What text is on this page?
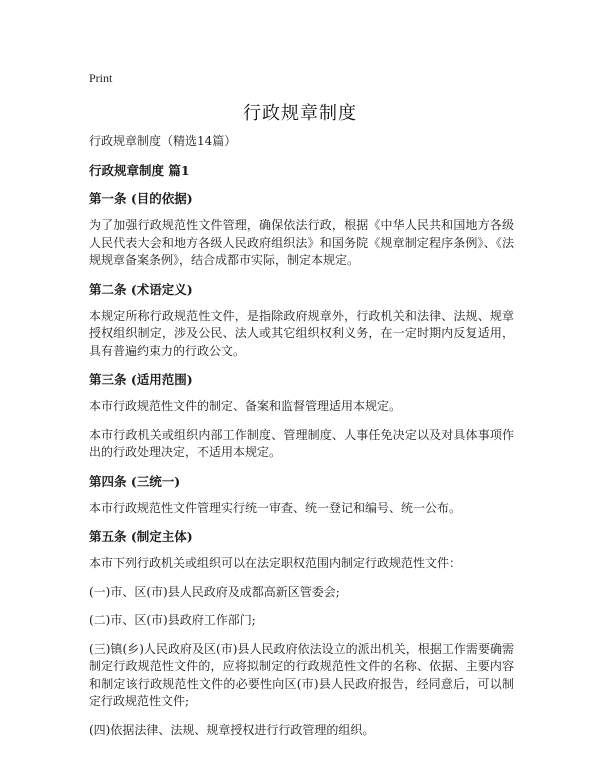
Print
行政规章制度

行政规章制度（精选14篇）

行政规章制度 篇1

第一条 (目的依据)

为了加强行政规范性文件管理，确保依法行政，根据《中华人民共和国地方各级人民代表大会和地方各级人民政府组织法》和国务院《规章制定程序条例》、《法规规章备案条例》，结合成都市实际，制定本规定。

第二条 (术语定义)

本规定所称行政规范性文件，是指除政府规章外，行政机关和法律、法规、规章授权组织制定，涉及公民、法人或其它组织权利义务，在一定时期内反复适用，具有普遍约束力的行政公文。

第三条 (适用范围)

本市行政规范性文件的制定、备案和监督管理适用本规定。

本市行政机关或组织内部工作制度、管理制度、人事任免决定以及对具体事项作出的行政处理决定，不适用本规定。

第四条 (三统一)

本市行政规范性文件管理实行统一审查、统一登记和编号、统一公布。

第五条 (制定主体)

本市下列行政机关或组织可以在法定职权范围内制定行政规范性文件：

(一)市、区(市)县人民政府及成都高新区管委会;

(二)市、区(市)县政府工作部门;

(三)镇(乡)人民政府及区(市)县人民政府依法设立的派出机关，根据工作需要确需制定行政规范性文件的，应将拟制定的行政规范性文件的名称、依据、主要内容和制定该行政规范性文件的必要性向区(市)县人民政府报告，经同意后，可以制定行政规范性文件;

(四)依据法律、法规、规章授权进行行政管理的组织。
